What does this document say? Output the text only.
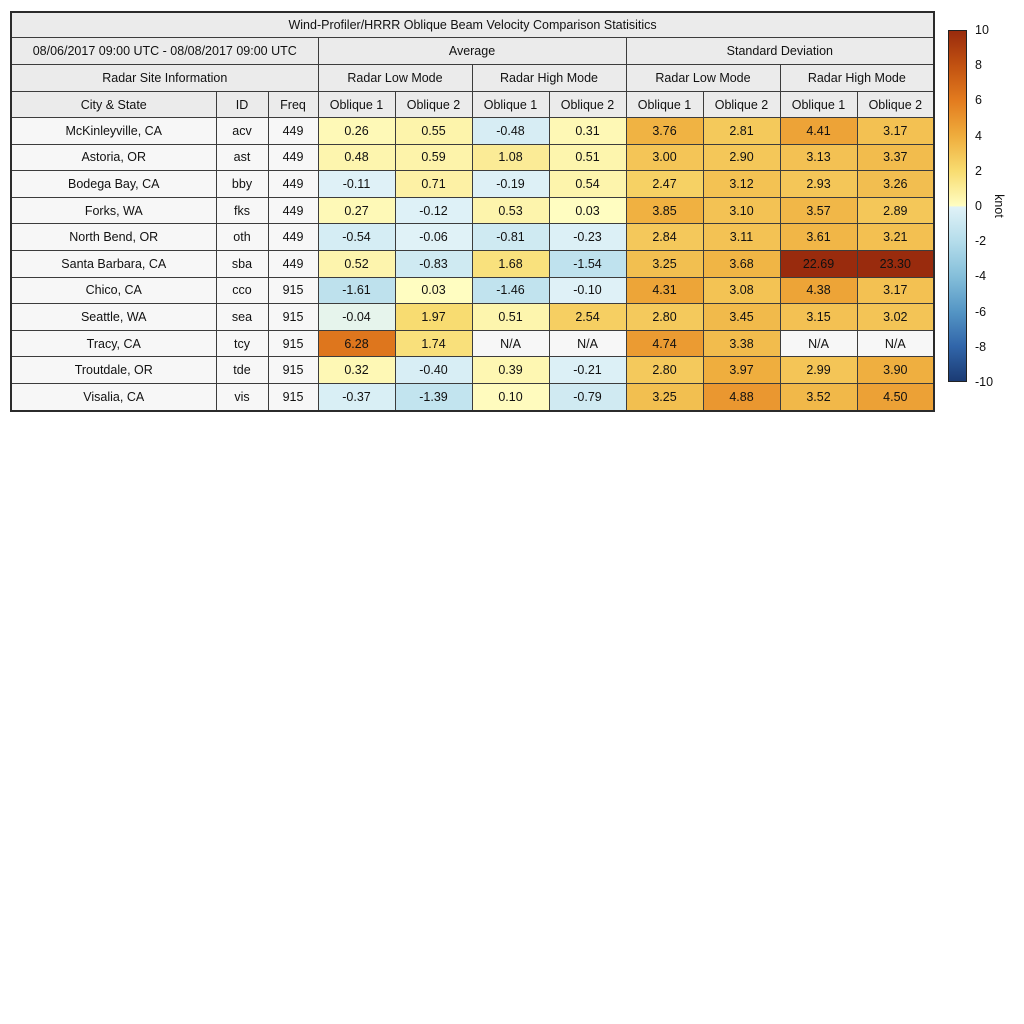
Wind-Profiler/HRRR Oblique Beam Velocity Comparison Statisitics										
08/06/2017 09:00 UTC - 08/08/2017 09:00 UTC			Average				Standard Deviation			
Radar Site Information			Radar Low Mode		Radar High Mode		Radar Low Mode		Radar High Mode	
City & State	ID	Freq	Oblique 1	Oblique 2	Oblique 1	Oblique 2	Oblique 1	Oblique 2	Oblique 1	Oblique 2
McKinleyville, CA	acv	449	0.26	0.55	-0.48	0.31	3.76	2.81	4.41	3.17
Astoria, OR	ast	449	0.48	0.59	1.08	0.51	3.00	2.90	3.13	3.37
Bodega Bay, CA	bby	449	-0.11	0.71	-0.19	0.54	2.47	3.12	2.93	3.26
Forks, WA	fks	449	0.27	-0.12	0.53	0.03	3.85	3.10	3.57	2.89
North Bend, OR	oth	449	-0.54	-0.06	-0.81	-0.23	2.84	3.11	3.61	3.21
Santa Barbara, CA	sba	449	0.52	-0.83	1.68	-1.54	3.25	3.68	22.69	23.30
Chico, CA	cco	915	-1.61	0.03	-1.46	-0.10	4.31	3.08	4.38	3.17
Seattle, WA	sea	915	-0.04	1.97	0.51	2.54	2.80	3.45	3.15	3.02
Tracy, CA	tcy	915	6.28	1.74	N/A	N/A	4.74	3.38	N/A	N/A
Troutdale, OR	tde	915	0.32	-0.40	0.39	-0.21	2.80	3.97	2.99	3.90
Visalia, CA	vis	915	-0.37	-1.39	0.10	-0.79	3.25	4.88	3.52	4.50
10
8
6
4
2
0
-2
-4
-6
-8
-10
knot
